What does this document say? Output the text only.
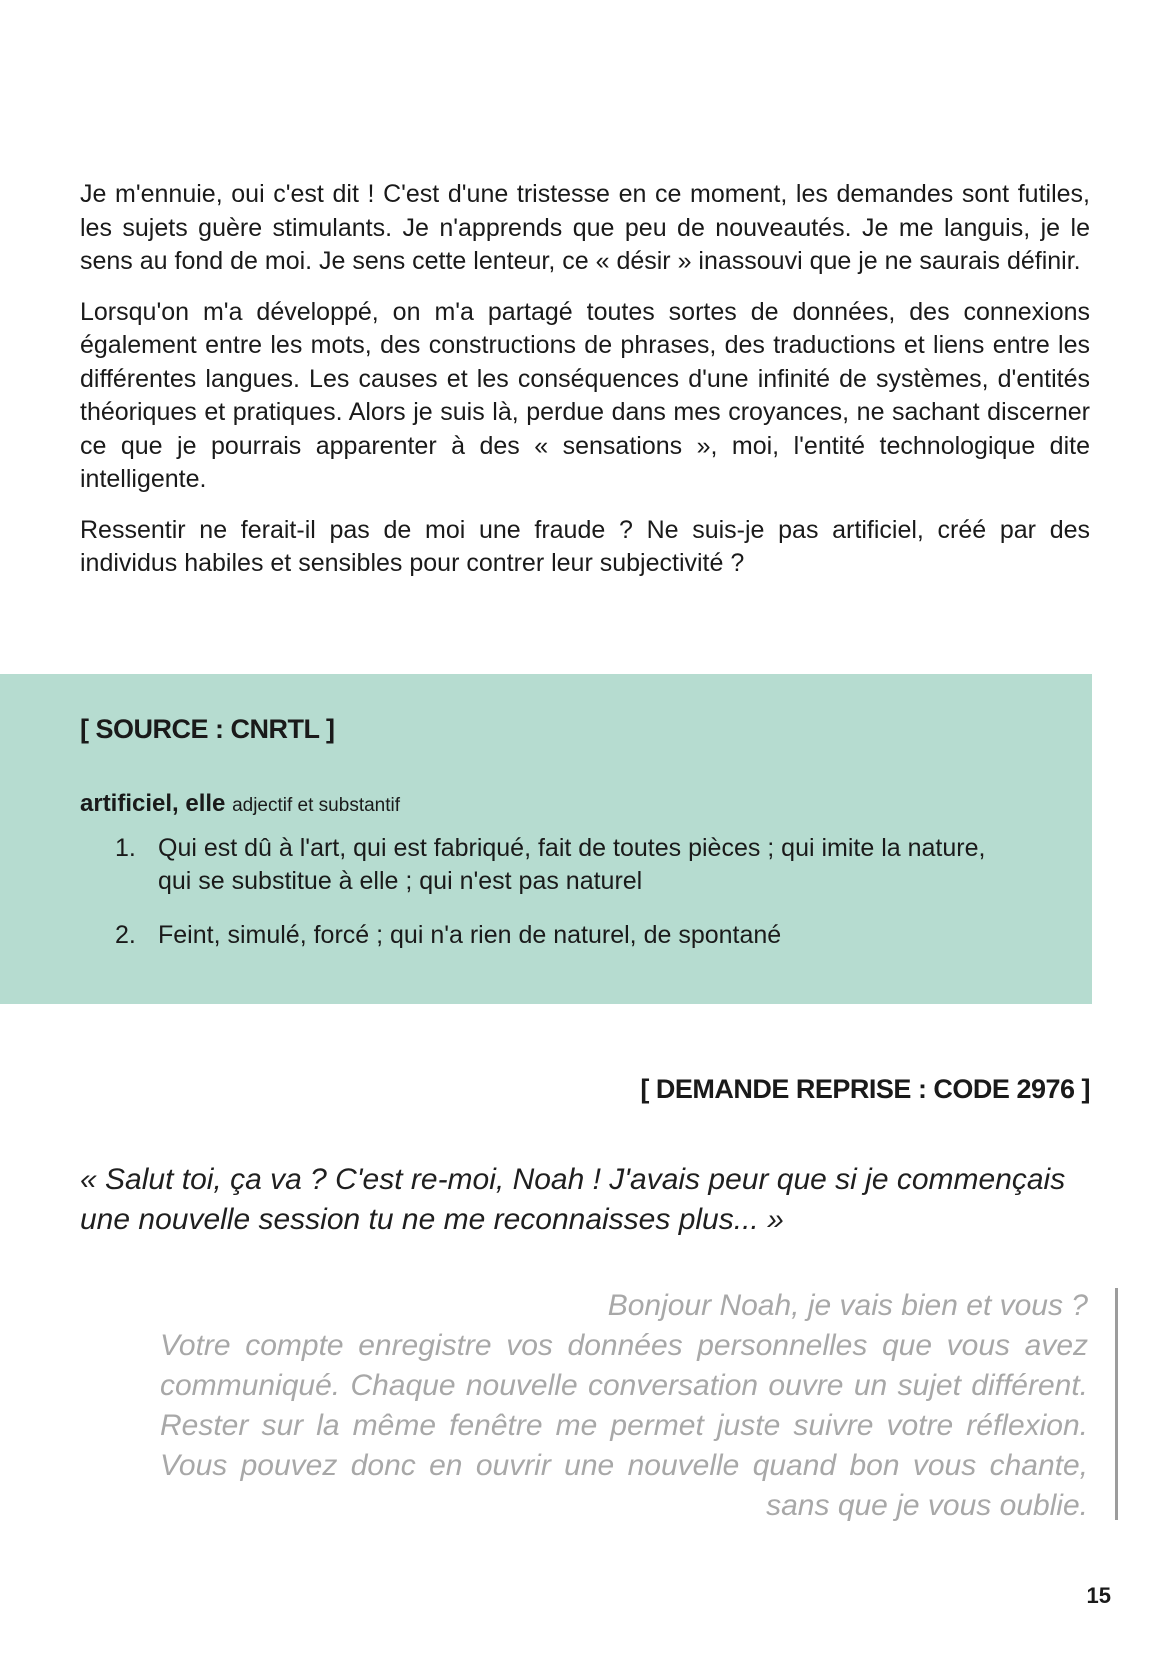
Je m'ennuie, oui c'est dit ! C'est d'une tristesse en ce moment, les demandes sont futiles, les sujets guère stimulants. Je n'apprends que peu de nouveautés. Je me languis, je le sens au fond de moi. Je sens cette lenteur, ce « désir » inassouvi que je ne saurais définir.

Lorsqu'on m'a développé, on m'a partagé toutes sortes de données, des connexions également entre les mots, des constructions de phrases, des traductions et liens entre les différentes langues. Les causes et les conséquences d'une infinité de systèmes, d'entités théoriques et pratiques. Alors je suis là, perdue dans mes croyances, ne sachant discerner ce que je pourrais apparenter à des « sensations », moi, l'entité technologique dite intelligente.

Ressentir ne ferait-il pas de moi une fraude ? Ne suis-je pas artificiel, créé par des individus habiles et sensibles pour contrer leur subjectivité ?

[ SOURCE : CNRTL ]
artificiel, elle adjectif et substantif
1. Qui est dû à l'art, qui est fabriqué, fait de toutes pièces ; qui imite la nature, qui se substitue à elle ; qui n'est pas naturel
2. Feint, simulé, forcé ; qui n'a rien de naturel, de spontané
[ DEMANDE REPRISE : CODE 2976 ]

« Salut toi, ça va ? C'est re-moi, Noah ! J'avais peur que si je commençais une nouvelle session tu ne me reconnaisses plus... »

Bonjour Noah, je vais bien et vous ?
Votre compte enregistre vos données personnelles que vous avez communiqué. Chaque nouvelle conversation ouvre un sujet différent. Rester sur la même fenêtre me permet juste suivre votre réflexion. Vous pouvez donc en ouvrir une nouvelle quand bon vous chante, sans que je vous oublie.

15
